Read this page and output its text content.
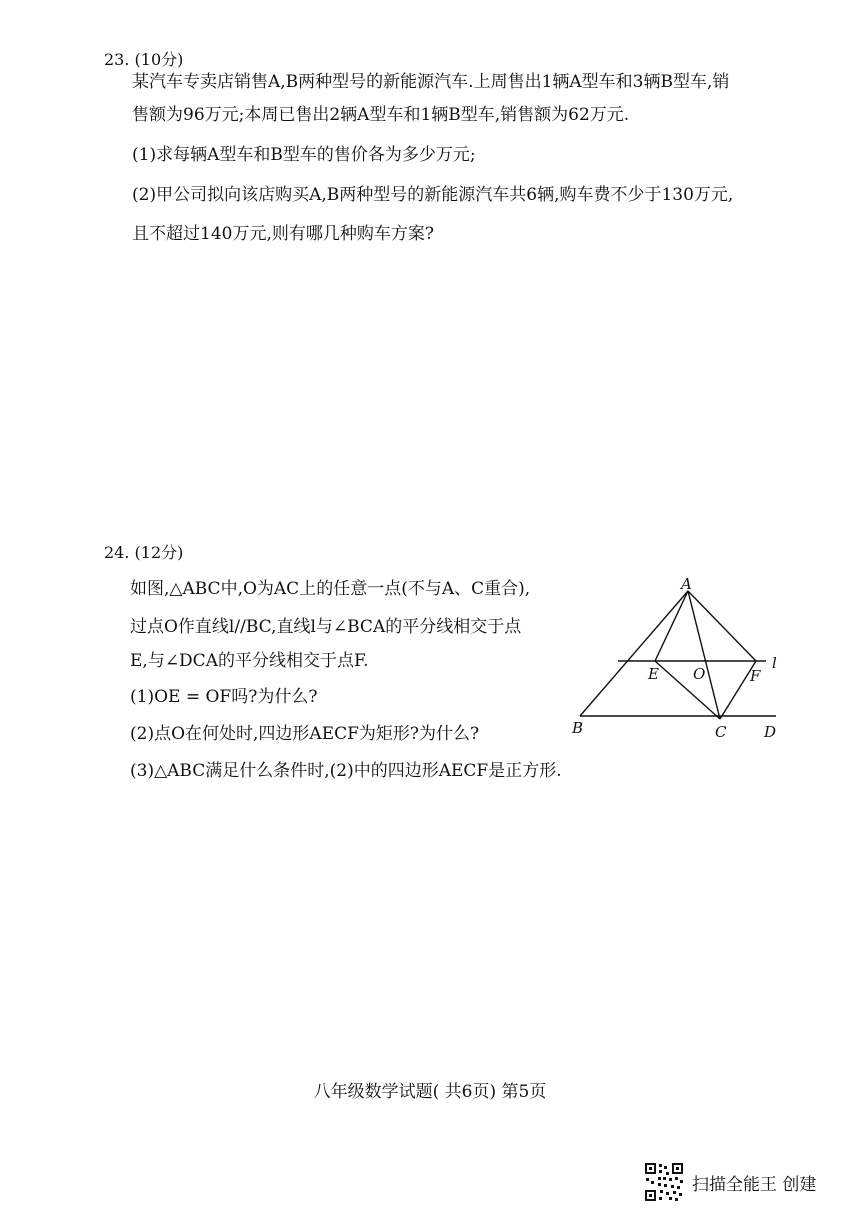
23. (10分)
某汽车专卖店销售A,B两种型号的新能源汽车.上周售出1辆A型车和3辆B型车,销
售额为96万元;本周已售出2辆A型车和1辆B型车,销售额为62万元.
(1)求每辆A型车和B型车的售价各为多少万元;
(2)甲公司拟向该店购买A,B两种型号的新能源汽车共6辆,购车费不少于130万元,
且不超过140万元,则有哪几种购车方案?
24. (12分)
如图,△ABC中,O为AC上的任意一点(不与A、C重合),
过点O作直线l//BC,直线l与∠BCA的平分线相交于点
E,与∠DCA的平分线相交于点F.
(1)OE = OF吗?为什么?
(2)点O在何处时,四边形AECF为矩形?为什么?
(3)△ABC满足什么条件时,(2)中的四边形AECF是正方形.
A
B	C	D
E O	F
l
八年级数学试题( 共6页) 第5页
扫描全能王 创建
